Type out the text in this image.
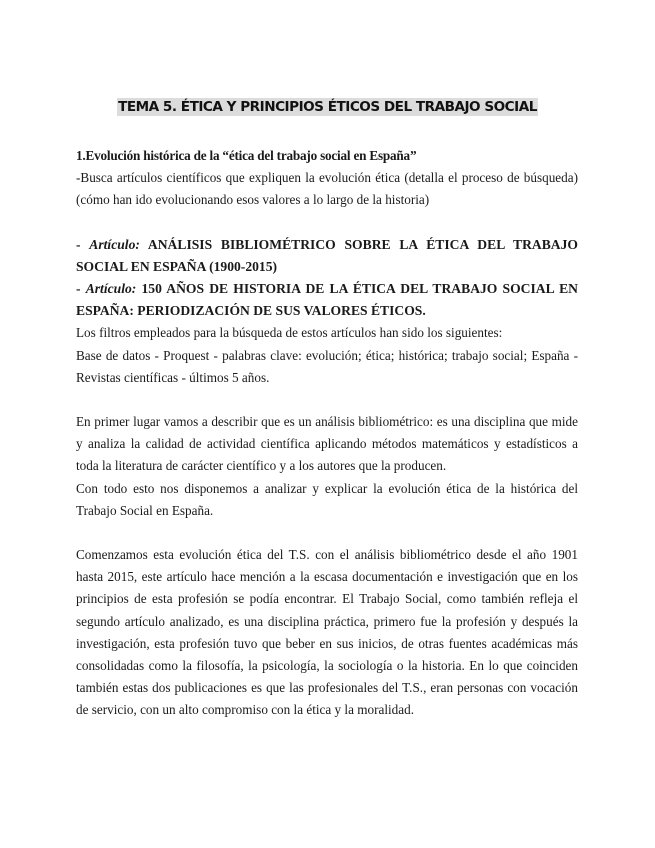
TEMA 5. ÉTICA Y PRINCIPIOS ÉTICOS DEL TRABAJO SOCIAL

1.Evolución histórica de la “ética del trabajo social en España”

-Busca artículos científicos que expliquen la evolución ética (detalla el proceso de búsqueda) (cómo han ido evolucionando esos valores a lo largo de la historia)

- Artículo: ANÁLISIS BIBLIOMÉTRICO SOBRE LA ÉTICA DEL TRABAJO SOCIAL EN ESPAÑA (1900-2015)

- Artículo: 150 AÑOS DE HISTORIA DE LA ÉTICA DEL TRABAJO SOCIAL EN ESPAÑA: PERIODIZACIÓN DE SUS VALORES ÉTICOS.

Los filtros empleados para la búsqueda de estos artículos han sido los siguientes:

Base de datos - Proquest - palabras clave: evolución; ética; histórica; trabajo social; España - Revistas científicas - últimos 5 años.

En primer lugar vamos a describir que es un análisis bibliométrico: es una disciplina que mide y analiza la calidad de actividad científica aplicando métodos matemáticos y estadísticos a toda la literatura de carácter científico y a los autores que la producen.

Con todo esto nos disponemos a analizar y explicar la evolución ética de la histórica del Trabajo Social en España.

Comenzamos esta evolución ética del T.S. con el análisis bibliométrico desde el año 1901 hasta 2015, este artículo hace mención a la escasa documentación e investigación que en los principios de esta profesión se podía encontrar. El Trabajo Social, como también refleja el segundo artículo analizado, es una disciplina práctica, primero fue la profesión y después la investigación, esta profesión tuvo que beber en sus inicios, de otras fuentes académicas más consolidadas como la filosofía, la psicología, la sociología o la historia. En lo que coinciden también estas dos publicaciones es que las profesionales del T.S., eran personas con vocación de servicio, con un alto compromiso con la ética y la moralidad.
